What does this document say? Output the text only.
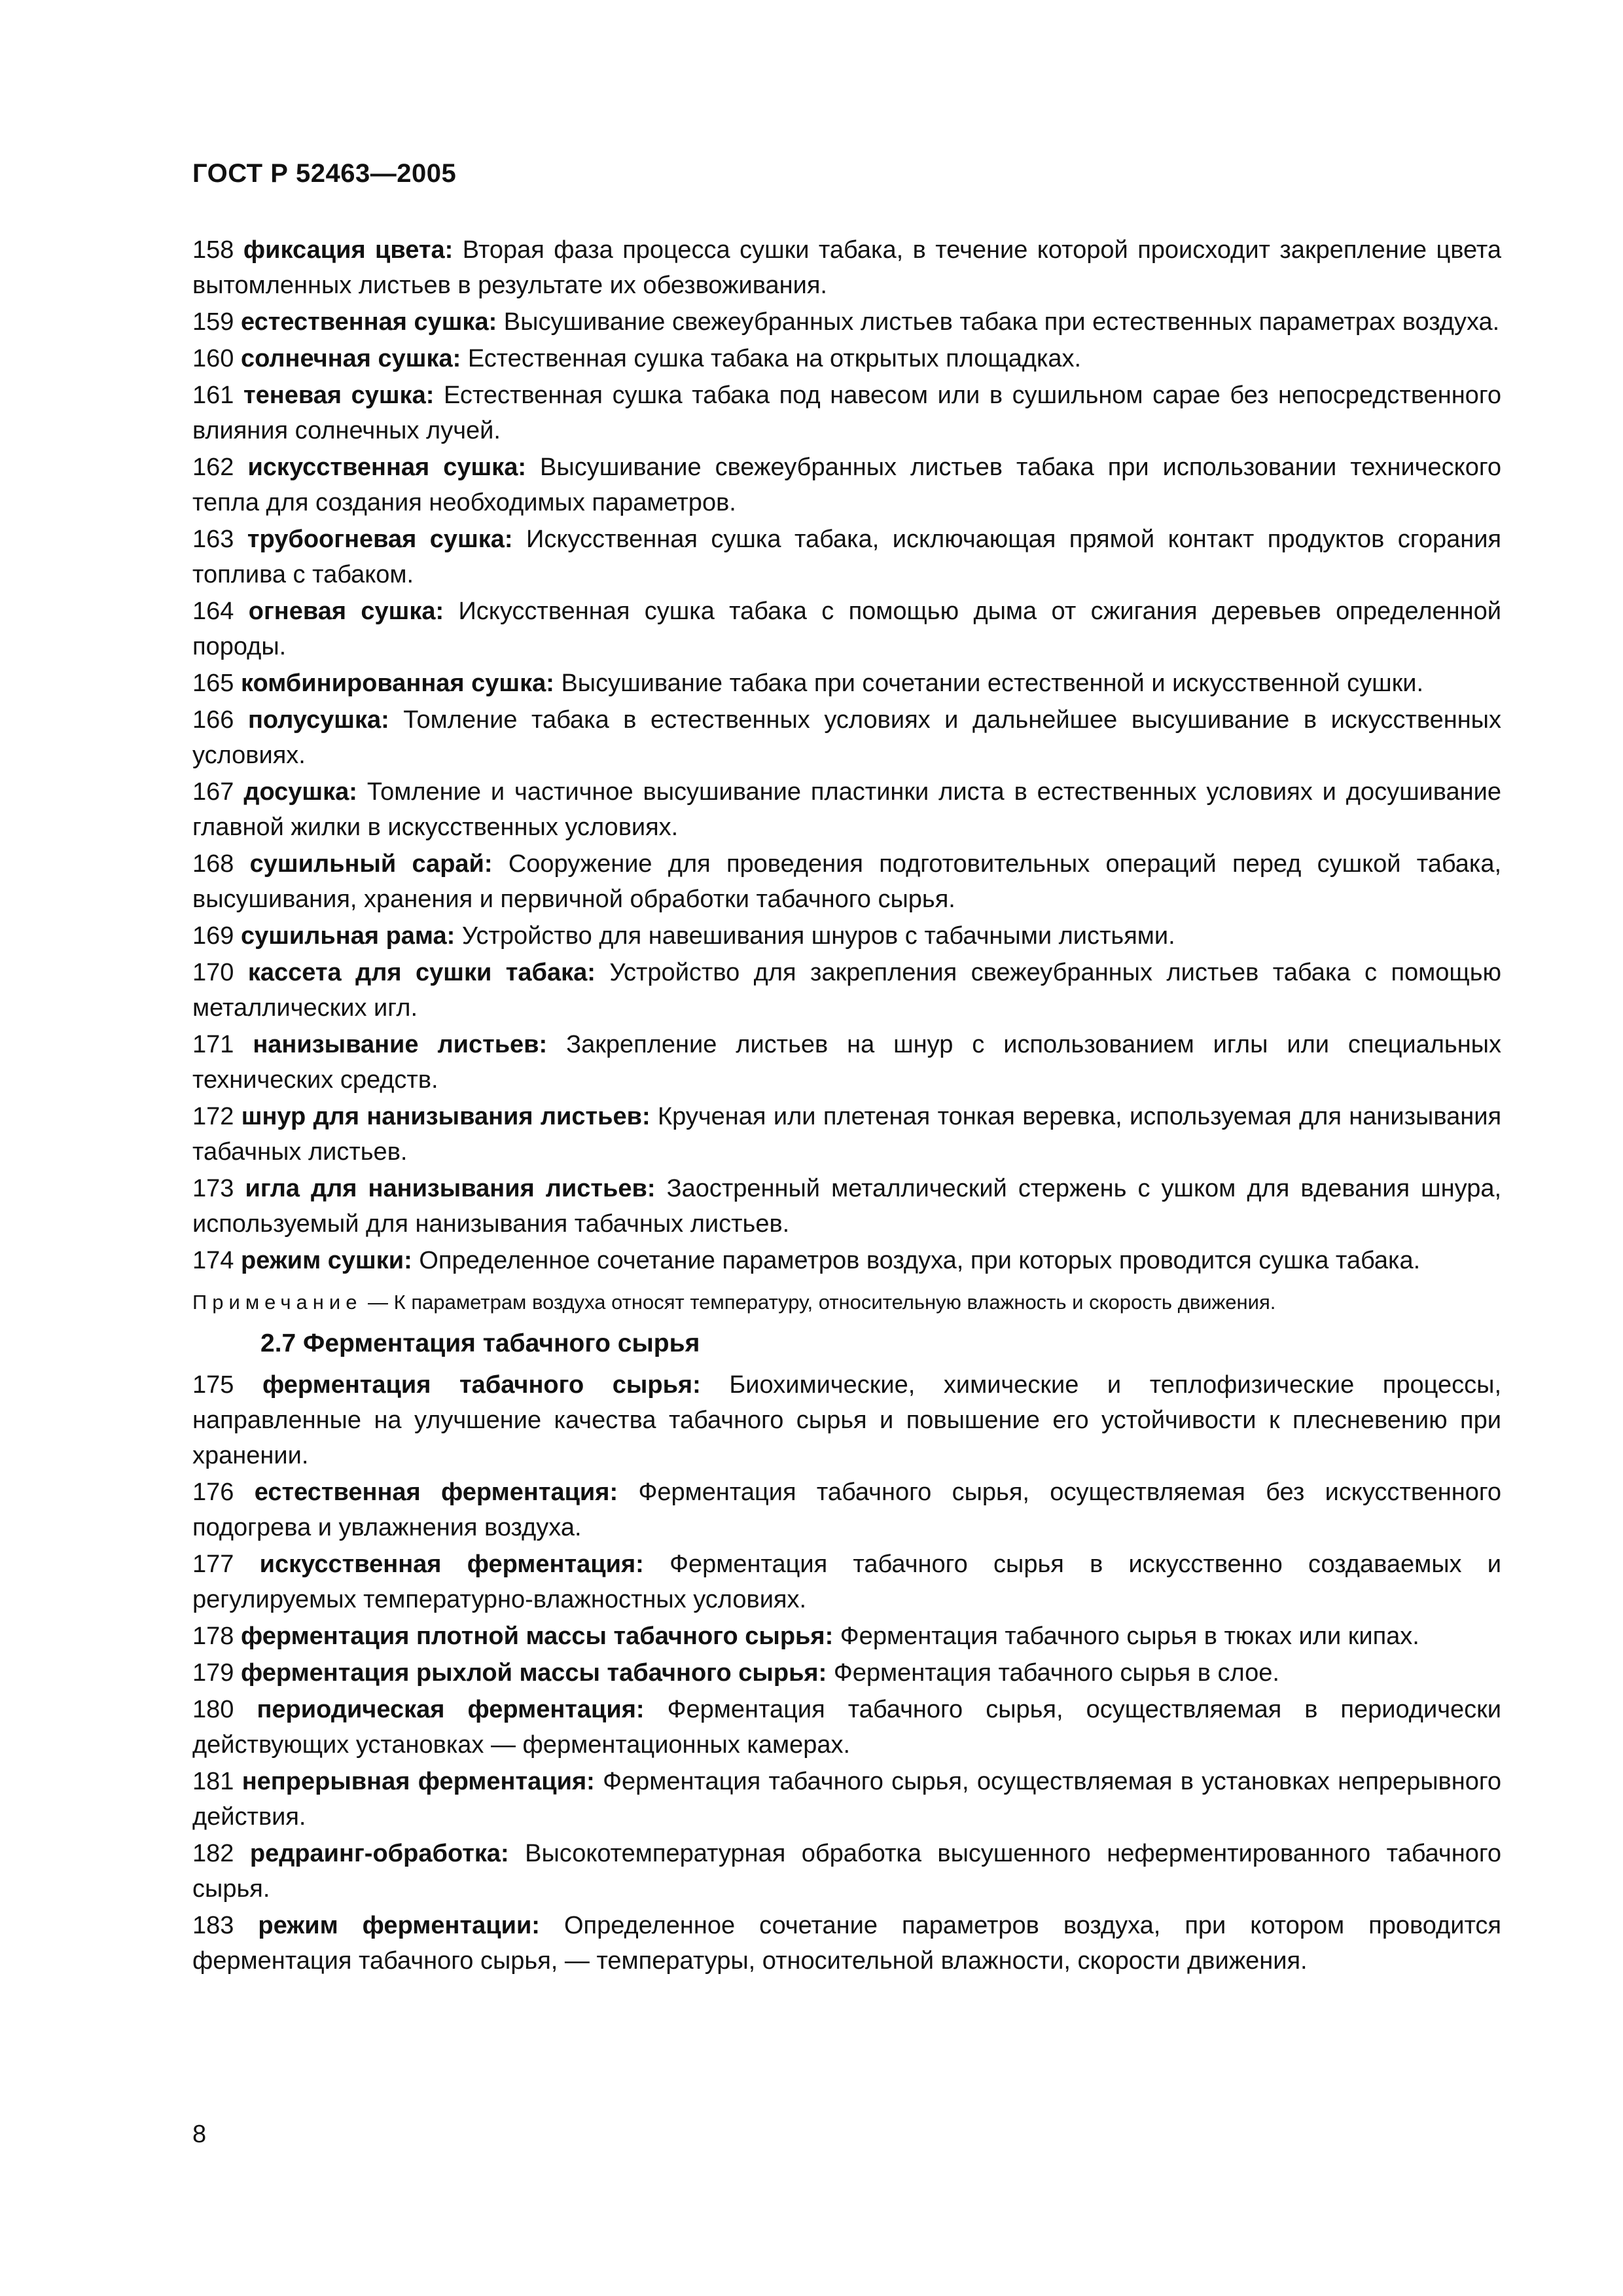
ГОСТ Р 52463—2005

158 фиксация цвета: Вторая фаза процесса сушки табака, в течение которой происходит закрепление цвета вытомленных листьев в результате их обезвоживания.

159 естественная сушка: Высушивание свежеубранных листьев табака при естественных параметрах воздуха.

160 солнечная сушка: Естественная сушка табака на открытых площадках.

161 теневая сушка: Естественная сушка табака под навесом или в сушильном сарае без непосредственного влияния солнечных лучей.

162 искусственная сушка: Высушивание свежеубранных листьев табака при использовании технического тепла для создания необходимых параметров.

163 трубоогневая сушка: Искусственная сушка табака, исключающая прямой контакт продуктов сгорания топлива с табаком.

164 огневая сушка: Искусственная сушка табака с помощью дыма от сжигания деревьев определенной породы.

165 комбинированная сушка: Высушивание табака при сочетании естественной и искусственной сушки.

166 полусушка: Томление табака в естественных условиях и дальнейшее высушивание в искусственных условиях.

167 досушка: Томление и частичное высушивание пластинки листа в естественных условиях и досушивание главной жилки в искусственных условиях.

168 сушильный сарай: Сооружение для проведения подготовительных операций перед сушкой табака, высушивания, хранения и первичной обработки табачного сырья.

169 сушильная рама: Устройство для навешивания шнуров с табачными листьями.

170 кассета для сушки табака: Устройство для закрепления свежеубранных листьев табака с помощью металлических игл.

171 нанизывание листьев: Закрепление листьев на шнур с использованием иглы или специальных технических средств.

172 шнур для нанизывания листьев: Крученая или плетеная тонкая веревка, используемая для нанизывания табачных листьев.

173 игла для нанизывания листьев: Заостренный металлический стержень с ушком для вдевания шнура, используемый для нанизывания табачных листьев.

174 режим сушки: Определенное сочетание параметров воздуха, при которых проводится сушка табака.

Примечание — К параметрам воздуха относят температуру, относительную влажность и скорость движения.
2.7 Ферментация табачного сырья

175 ферментация табачного сырья: Биохимические, химические и теплофизические процессы, направленные на улучшение качества табачного сырья и повышение его устойчивости к плесневению при хранении.

176 естественная ферментация: Ферментация табачного сырья, осуществляемая без искусственного подогрева и увлажнения воздуха.

177 искусственная ферментация: Ферментация табачного сырья в искусственно создаваемых и регулируемых температурно-влажностных условиях.

178 ферментация плотной массы табачного сырья: Ферментация табачного сырья в тюках или кипах.

179 ферментация рыхлой массы табачного сырья: Ферментация табачного сырья в слое.

180 периодическая ферментация: Ферментация табачного сырья, осуществляемая в периодически действующих установках — ферментационных камерах.

181 непрерывная ферментация: Ферментация табачного сырья, осуществляемая в установках непрерывного действия.

182 редраинг-обработка: Высокотемпературная обработка высушенного неферментированного табачного сырья.

183 режим ферментации: Определенное сочетание параметров воздуха, при котором проводится ферментация табачного сырья, — температуры, относительной влажности, скорости движения.

8
